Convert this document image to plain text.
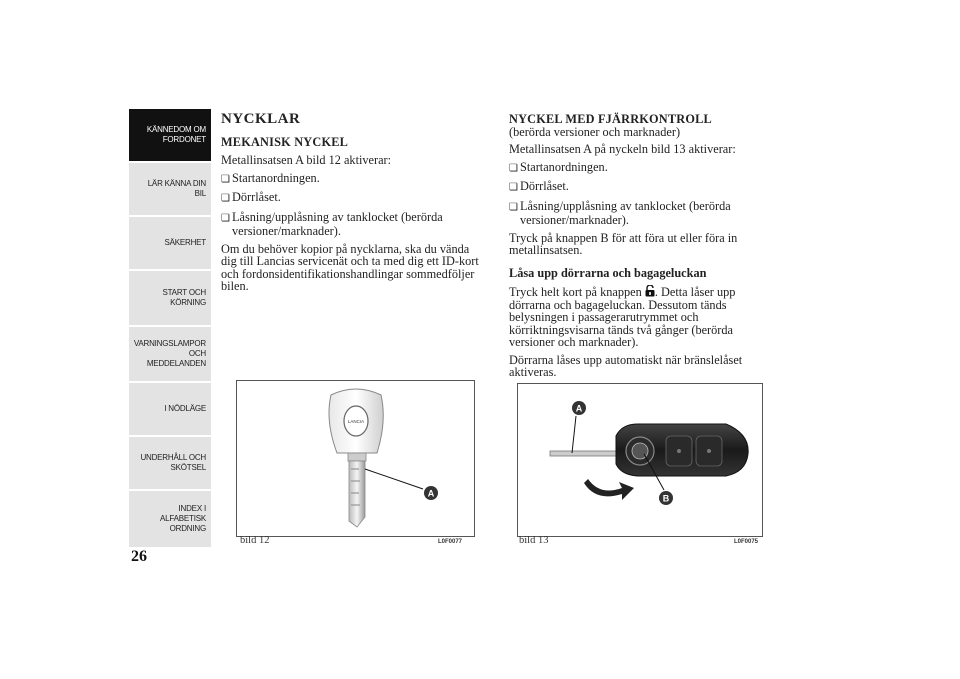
KÄNNEDOM OM
FORDONET
LÄR KÄNNA DIN
BIL
SÄKERHET
START OCH
KÖRNING
VARNINGSLAMPOR
OCH
MEDDELANDEN
I NÖDLÄGE
UNDERHÅLL OCH
SKÖTSEL
INDEX I
ALFABETISK
ORDNING
26
NYCKLAR
MEKANISK NYCKEL

Metallinsatsen A bild 12 aktiverar:

❏ Startanordningen.
❏ Dörrlåset.
❏ Låsning/upplåsning av tanklocket (berörda versioner/marknader).

Om du behöver kopior på nycklarna, ska du vända dig till Lancias servicenät och ta med dig ett ID-kort och fordonsidentifikationshandlingar sommedföljer bilen.

NYCKEL MED FJÄRRKONTROLL

(berörda versioner och marknader)

Metallinsatsen A på nyckeln bild 13 aktiverar:

❏ Startanordningen.
❏ Dörrlåset.
❏ Låsning/upplåsning av tanklocket (berörda versioner/marknader).

Tryck på knappen B för att föra ut eller föra in metallinsatsen.

Låsa upp dörrarna och bagageluckan

Tryck helt kort på knappen . Detta låser upp dörrarna och bagageluckan. Dessutom tänds belysningen i passagerarutrymmet och körriktningsvisarna tänds två gånger (berörda versioner och marknader).

Dörrarna låses upp automatiskt när bränslelåset aktiveras.

LANCIA
A
bild 12	L0F0077
A
B
bild 13	L0F0075
